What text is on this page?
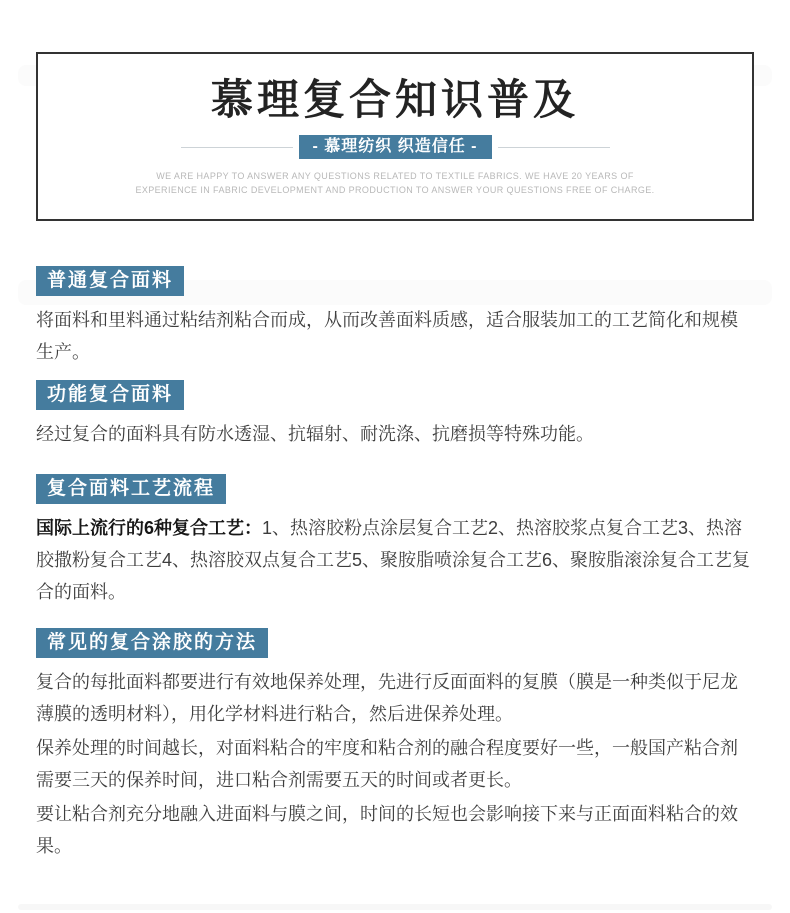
慕理复合知识普及
- 慕理纺织 织造信任 -

WE ARE HAPPY TO ANSWER ANY QUESTIONS RELATED TO TEXTILE FABRICS. WE HAVE 20 YEARS OF

EXPERIENCE IN FABRIC DEVELOPMENT AND PRODUCTION TO ANSWER YOUR QUESTIONS FREE OF CHARGE.

普通复合面料

将面料和里料通过粘结剂粘合而成，从而改善面料质感，适合服装加工的工艺简化和规模生产。

功能复合面料

经过复合的面料具有防水透湿、抗辐射、耐洗涤、抗磨损等特殊功能。

复合面料工艺流程

国际上流行的6种复合工艺：1、热溶胶粉点涂层复合工艺2、热溶胶浆点复合工艺3、热溶胶撒粉复合工艺4、热溶胶双点复合工艺5、聚胺脂喷涂复合工艺6、聚胺脂滚涂复合工艺复合的面料。

常见的复合涂胶的方法

复合的每批面料都要进行有效地保养处理，先进行反面面料的复膜（膜是一种类似于尼龙薄膜的透明材料），用化学材料进行粘合，然后进保养处理。

保养处理的时间越长，对面料粘合的牢度和粘合剂的融合程度要好一些，一般国产粘合剂需要三天的保养时间，进口粘合剂需要五天的时间或者更长。

要让粘合剂充分地融入进面料与膜之间，时间的长短也会影响接下来与正面面料粘合的效果。
